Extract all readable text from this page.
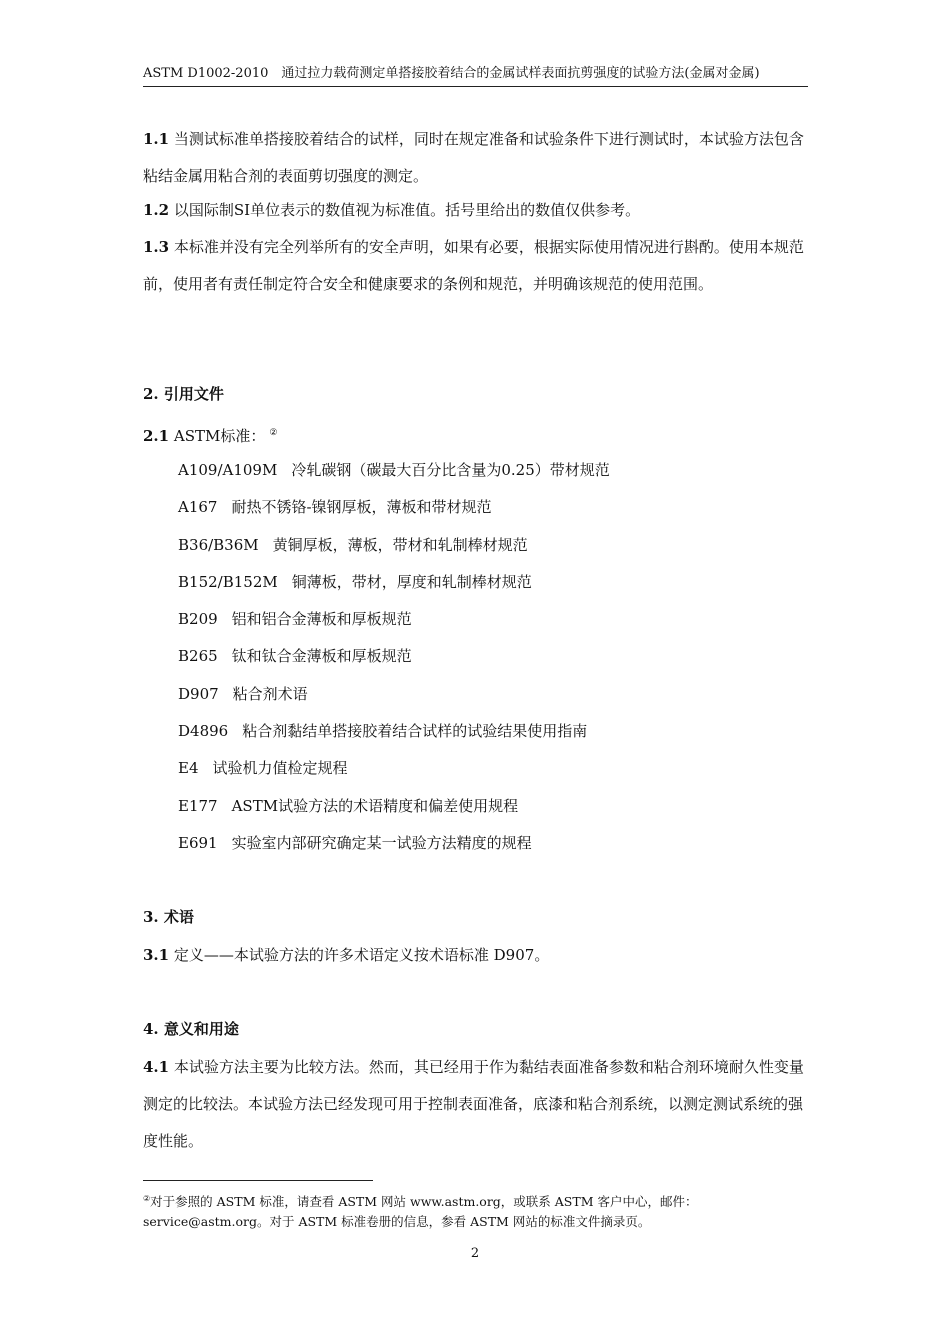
ASTM D1002-2010　通过拉力载荷测定单搭接胶着结合的金属试样表面抗剪强度的试验方法(金属对金属)

1.1 当测试标准单搭接胶着结合的试样，同时在规定准备和试验条件下进行测试时，本试验方法包含粘结金属用粘合剂的表面剪切强度的测定。

1.2 以国际制SI单位表示的数值视为标准值。括号里给出的数值仅供参考。

1.3 本标准并没有完全列举所有的安全声明，如果有必要，根据实际使用情况进行斟酌。使用本规范前，使用者有责任制定符合安全和健康要求的条例和规范，并明确该规范的使用范围。

2. 引用文件

2.1 ASTM标准： ②

A109/A109M 冷轧碳钢（碳最大百分比含量为0.25）带材规范
A167 耐热不锈铬-镍钢厚板，薄板和带材规范
B36/B36M 黄铜厚板，薄板，带材和轧制棒材规范
B152/B152M 铜薄板，带材，厚度和轧制棒材规范
B209 铝和铝合金薄板和厚板规范
B265 钛和钛合金薄板和厚板规范
D907 粘合剂术语
D4896 粘合剂黏结单搭接胶着结合试样的试验结果使用指南
E4 试验机力值检定规程
E177 ASTM试验方法的术语精度和偏差使用规程
E691 实验室内部研究确定某一试验方法精度的规程

3. 术语

3.1 定义——本试验方法的许多术语定义按术语标准 D907。

4. 意义和用途

4.1 本试验方法主要为比较方法。然而，其已经用于作为黏结表面准备参数和粘合剂环境耐久性变量测定的比较法。本试验方法已经发现可用于控制表面准备，底漆和粘合剂系统，以测定测试系统的强度性能。

②对于参照的 ASTM 标准，请查看 ASTM 网站 www.astm.org，或联系 ASTM 客户中心，邮件：service@astm.org。对于 ASTM 标准卷册的信息，参看 ASTM 网站的标准文件摘录页。

2
